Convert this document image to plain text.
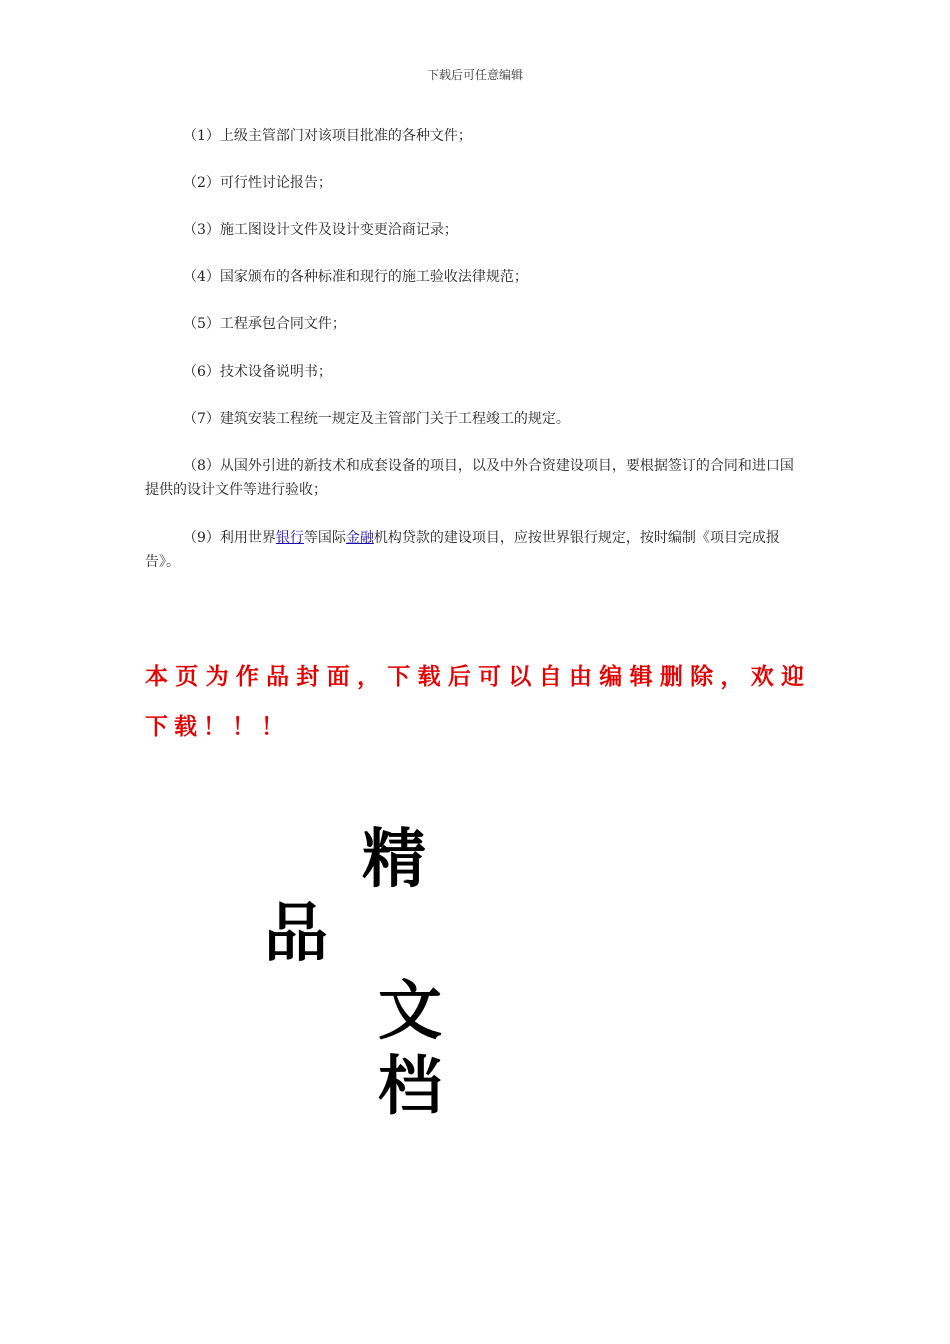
下载后可任意编辑

（1）上级主管部门对该项目批准的各种文件；

（2）可行性讨论报告；

（3）施工图设计文件及设计变更洽商记录；

（4）国家颁布的各种标准和现行的施工验收法律规范；

（5）工程承包合同文件；

（6）技术设备说明书；

（7）建筑安装工程统一规定及主管部门关于工程竣工的规定。

（8）从国外引进的新技术和成套设备的项目，以及中外合资建设项目，要根据签订的合同和进口国提供的设计文件等进行验收；

（9）利用世界银行等国际金融机构贷款的建设项目，应按世界银行规定，按时编制《项目完成报告》。

本页为作品封面，下载后可以自由编辑删除，欢迎下载！！！

精
品
文
档
